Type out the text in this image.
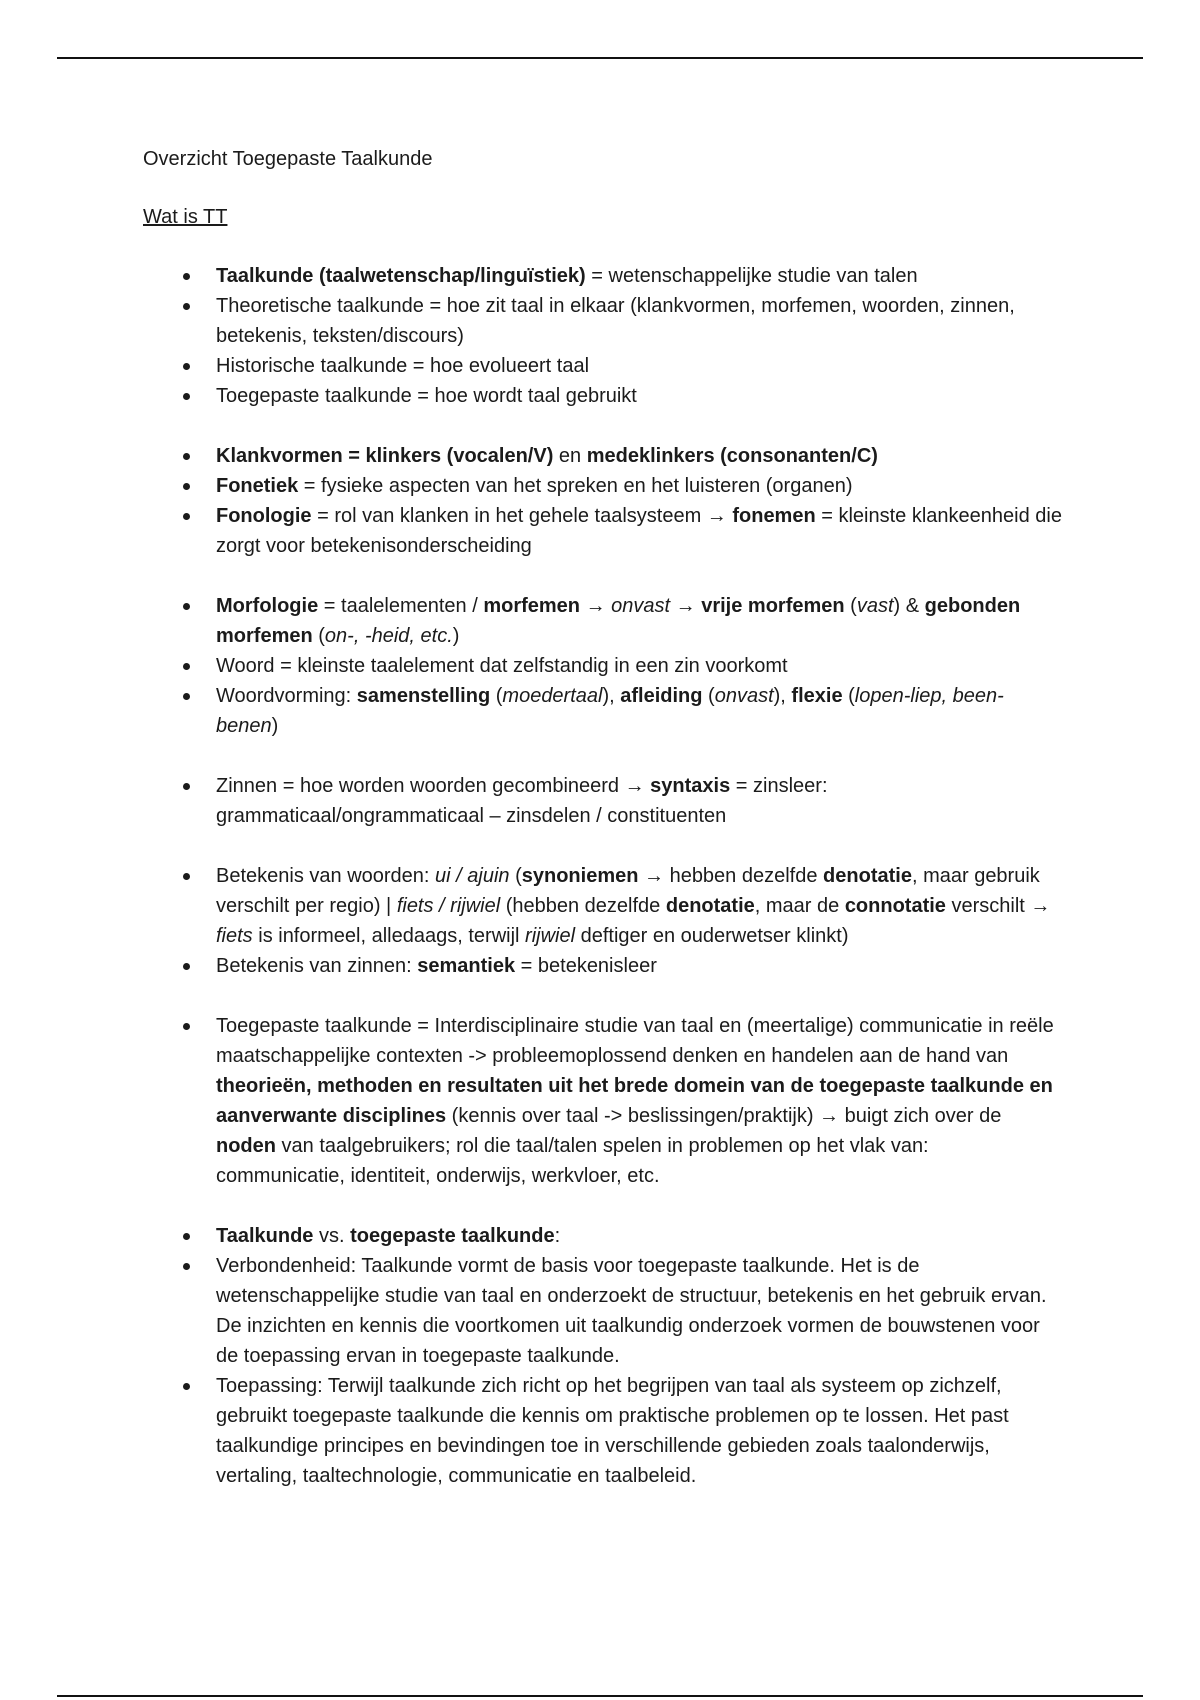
Overzicht Toegepaste Taalkunde
Wat is TT
Taalkunde (taalwetenschap/linguïstiek) = wetenschappelijke studie van talen
Theoretische taalkunde = hoe zit taal in elkaar (klankvormen, morfemen, woorden, zinnen, betekenis, teksten/discours)
Historische taalkunde = hoe evolueert taal
Toegepaste taalkunde = hoe wordt taal gebruikt
Klankvormen = klinkers (vocalen/V) en medeklinkers (consonanten/C)
Fonetiek = fysieke aspecten van het spreken en het luisteren (organen)
Fonologie = rol van klanken in het gehele taalsysteem → fonemen = kleinste klankeenheid die zorgt voor betekenisonderscheiding
Morfologie = taalelementen / morfemen → onvast → vrije morfemen (vast) & gebonden morfemen (on-, -heid, etc.)
Woord = kleinste taalelement dat zelfstandig in een zin voorkomt
Woordvorming: samenstelling (moedertaal), afleiding (onvast), flexie (lopen-liep, been-benen)
Zinnen = hoe worden woorden gecombineerd → syntaxis = zinsleer: grammaticaal/ongrammaticaal – zinsdelen / constituenten
Betekenis van woorden: ui / ajuin (synoniemen → hebben dezelfde denotatie, maar gebruik verschilt per regio) | fiets / rijwiel (hebben dezelfde denotatie, maar de connotatie verschilt → fiets is informeel, alledaags, terwijl rijwiel deftiger en ouderwetser klinkt)
Betekenis van zinnen: semantiek = betekenisleer
Toegepaste taalkunde = Interdisciplinaire studie van taal en (meertalige) communicatie in reële maatschappelijke contexten -> probleemoplossend denken en handelen aan de hand van theorieën, methoden en resultaten uit het brede domein van de toegepaste taalkunde en aanverwante disciplines (kennis over taal -> beslissingen/praktijk) → buigt zich over de noden van taalgebruikers; rol die taal/talen spelen in problemen op het vlak van: communicatie, identiteit, onderwijs, werkvloer, etc.
Taalkunde vs. toegepaste taalkunde:
Verbondenheid: Taalkunde vormt de basis voor toegepaste taalkunde. Het is de wetenschappelijke studie van taal en onderzoekt de structuur, betekenis en het gebruik ervan. De inzichten en kennis die voortkomen uit taalkundig onderzoek vormen de bouwstenen voor de toepassing ervan in toegepaste taalkunde.
Toepassing: Terwijl taalkunde zich richt op het begrijpen van taal als systeem op zichzelf, gebruikt toegepaste taalkunde die kennis om praktische problemen op te lossen. Het past taalkundige principes en bevindingen toe in verschillende gebieden zoals taalonderwijs, vertaling, taaltechnologie, communicatie en taalbeleid.
